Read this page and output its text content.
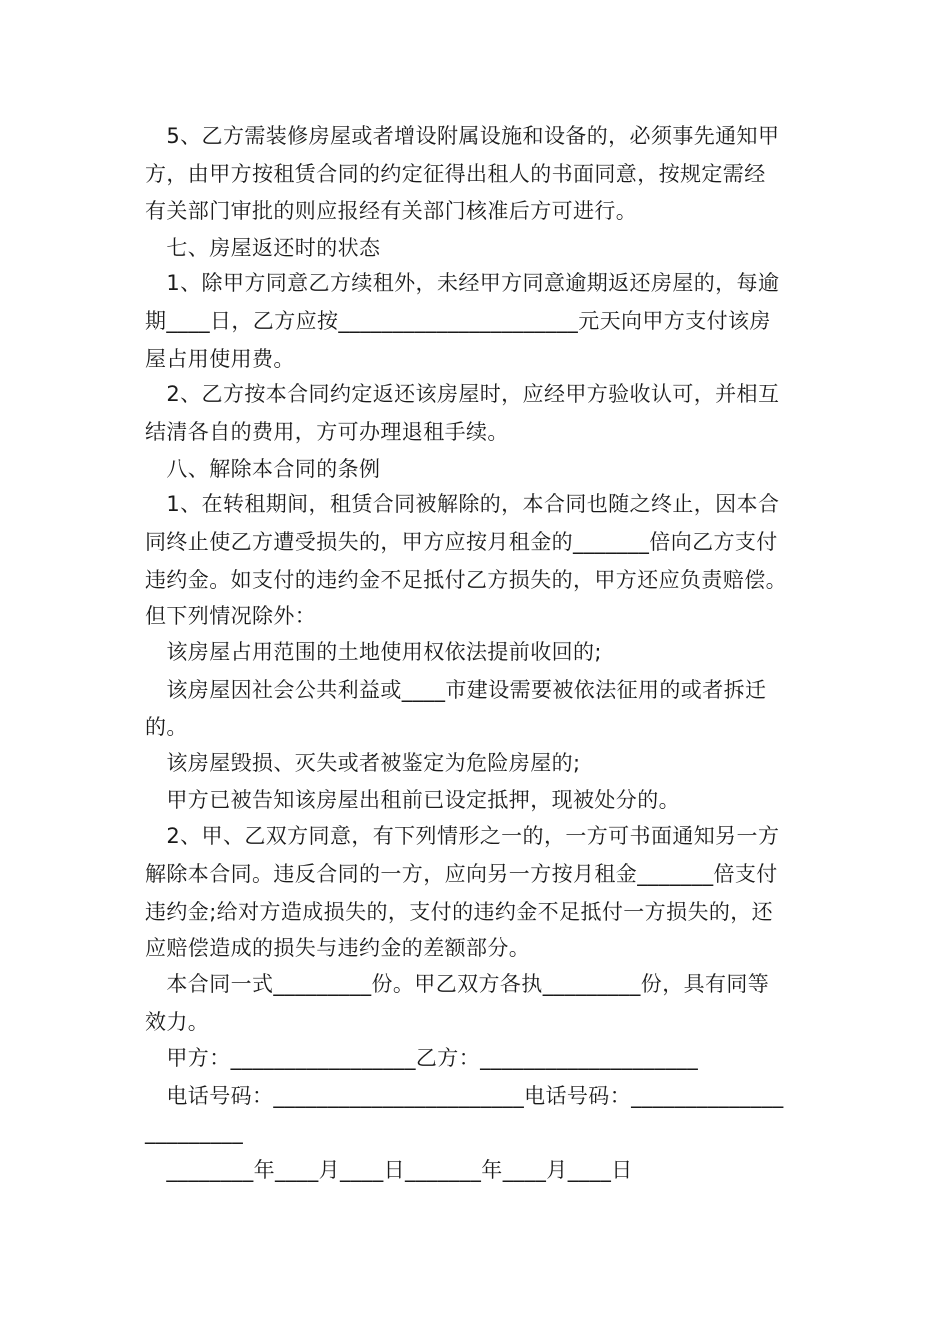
　5、乙方需装修房屋或者增设附属设施和设备的，必须事先通知甲
方，由甲方按租赁合同的约定征得出租人的书面同意，按规定需经
有关部门审批的则应报经有关部门核准后方可进行。
　七、房屋返还时的状态
　1、除甲方同意乙方续租外，未经甲方同意逾期返还房屋的，每逾
期____日，乙方应按______________________元天向甲方支付该房
屋占用使用费。
　2、乙方按本合同约定返还该房屋时，应经甲方验收认可，并相互
结清各自的费用，方可办理退租手续。
　八、解除本合同的条例
　1、在转租期间，租赁合同被解除的，本合同也随之终止，因本合
同终止使乙方遭受损失的，甲方应按月租金的_______倍向乙方支付
违约金。如支付的违约金不足抵付乙方损失的，甲方还应负责赔偿。
但下列情况除外：
　该房屋占用范围的土地使用权依法提前收回的;
　该房屋因社会公共利益或____市建设需要被依法征用的或者拆迁
的。
　该房屋毁损、灭失或者被鉴定为危险房屋的;
　甲方已被告知该房屋出租前已设定抵押，现被处分的。
　2、甲、乙双方同意，有下列情形之一的，一方可书面通知另一方
解除本合同。违反合同的一方，应向另一方按月租金_______倍支付
违约金;给对方造成损失的，支付的违约金不足抵付一方损失的，还
应赔偿造成的损失与违约金的差额部分。
　本合同一式_________份。甲乙双方各执_________份，具有同等
效力。
　甲方：_________________乙方：____________________
　电话号码：_______________________电话号码：______________
_________
　________年____月____日_______年____月____日
